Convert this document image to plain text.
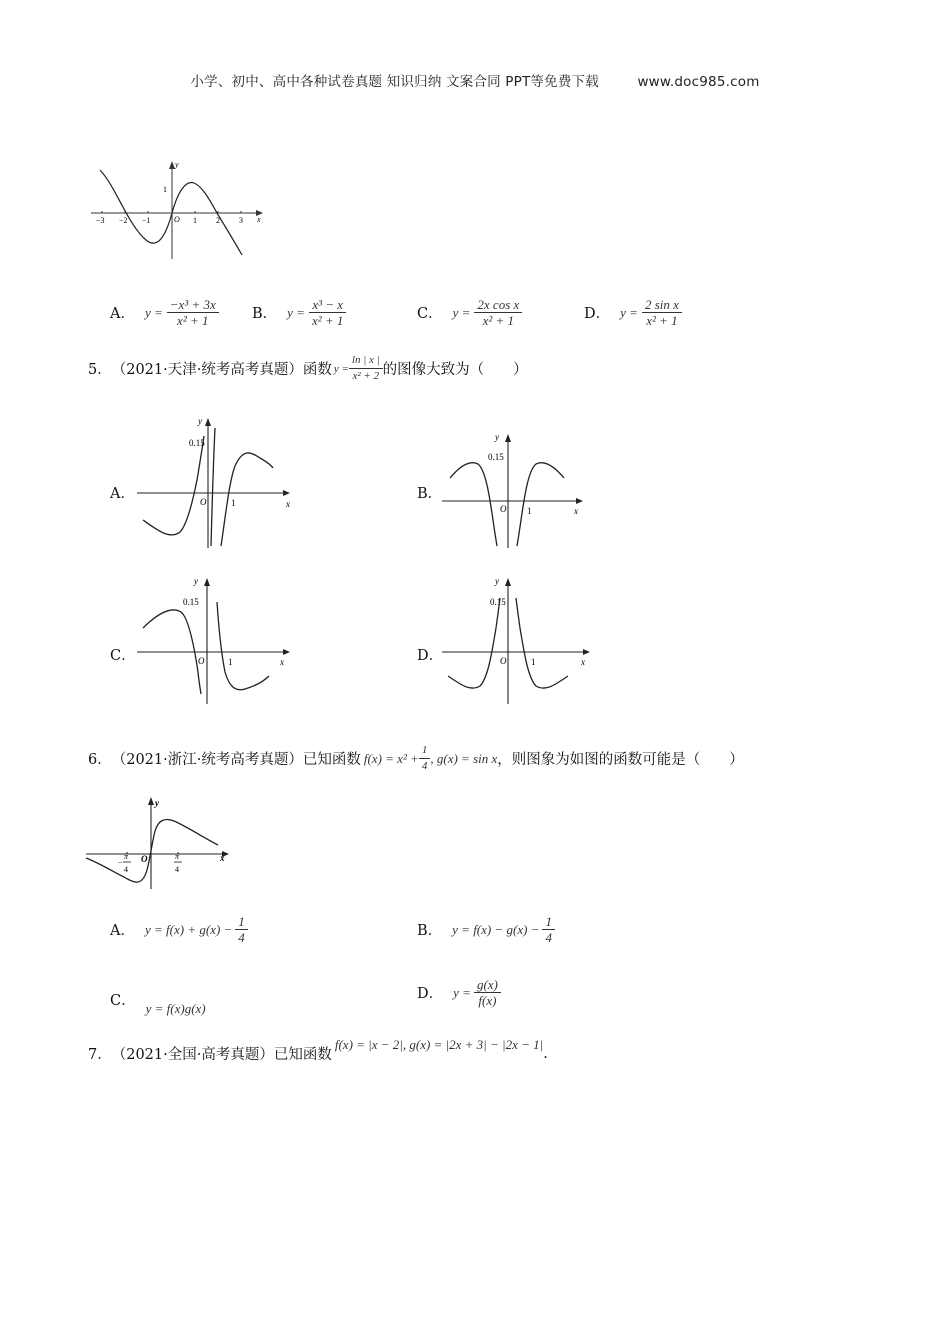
小学、初中、高中各种试卷真题 知识归纳 文案合同 PPT等免费下载	www.doc985.com
−3 −2 −1	1 2 3
1
O	x
y
A． $y = \frac{\text{−x³ + 3x}}{\text{x² + 1}}$ B． $y = \frac{\text{x³ − x}}{\text{x² + 1}}$	C． $y = \frac{\text{2x cos x}}{\text{x² + 1}}$	D． $y = \frac{\text{2 sin x}}{\text{x² + 1}}$
5． （2021·天津·统考高考真题）函数 $y = \frac{\ln | x |}{\text{x² + 2}}$ 的图像大致为（　　）
A．
y
x
O	1
0.15
B．
y
x
O 1
0.15
C．
y
x
O	1
0.15
D．
y
x
O	1
0.15
6． （2021·浙江·统考高考真题）已知函数 $f(x) = x^2 + \frac{1}{4}$ , g(x) = sin x ，则图象为如图的函数可能是（　　）
y
x
O
−
π
4
π
4
A． $y = f(x) + g(x) - \frac{1}{4}$	B． $y = f(x) - g(x) - \frac{1}{4}$
C． y = f(x)g(x)
D． $y = \frac{g(x)}{f(x)}$
7． （2021·全国·高考真题）已知函数
f(x) = |x − 2|, g(x) = |2x + 3| − |2x − 1|
.
